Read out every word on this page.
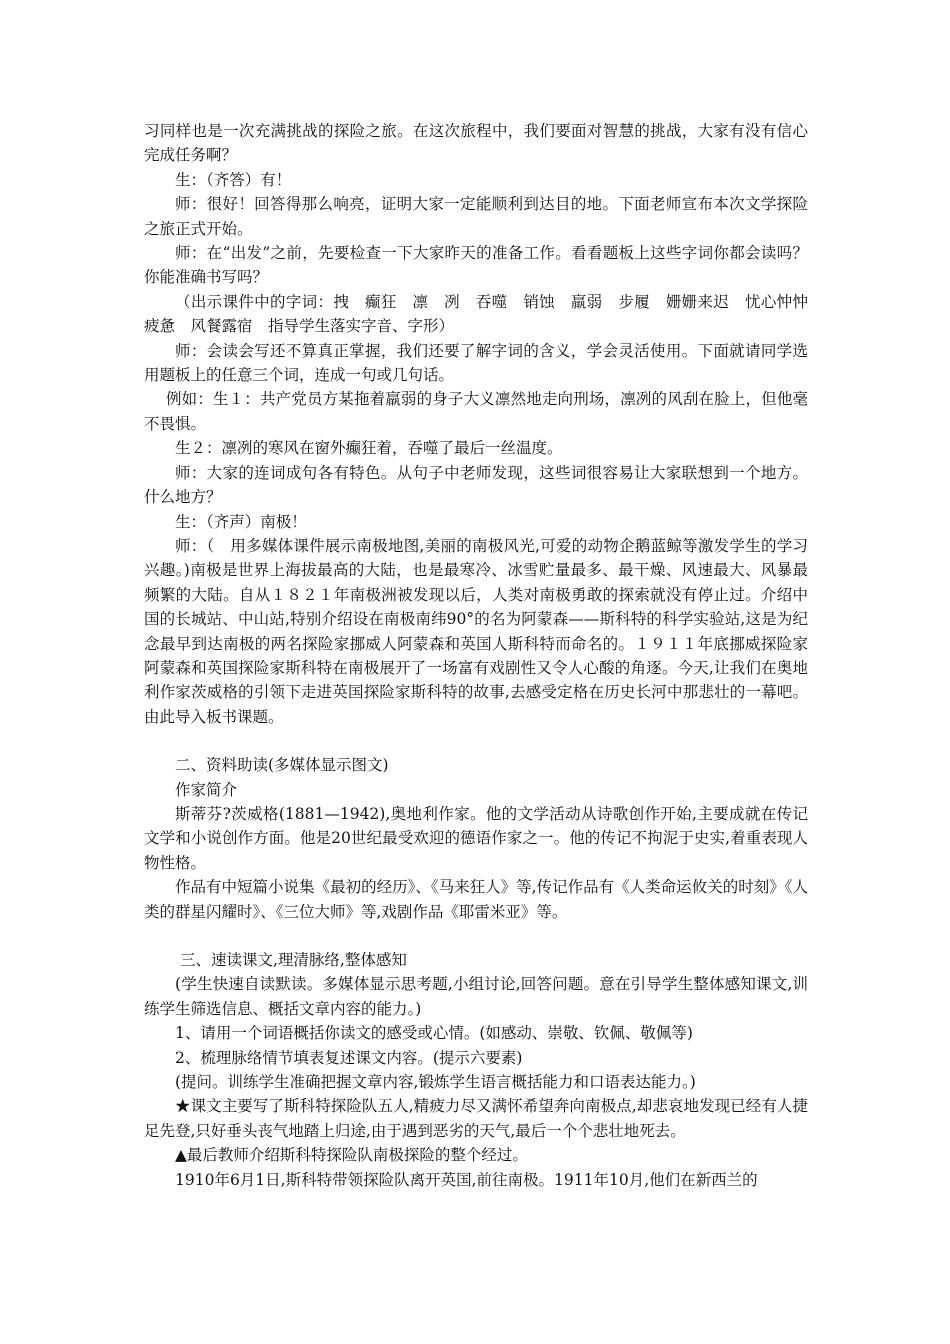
习同样也是一次充满挑战的探险之旅。在这次旅程中，我们要面对智慧的挑战，大家有没有信心完成任务啊？

生：（齐答）有！

师：很好！回答得那么响亮，证明大家一定能顺利到达目的地。下面老师宣布本次文学探险之旅正式开始。

师：在“出发”之前，先要检查一下大家昨天的准备工作。看看题板上这些字词你都会读吗？你能准确书写吗？

（出示课件中的字词：拽　癫狂　凛　冽　吞噬　销蚀　羸弱　步履　姗姗来迟　忧心忡忡　疲惫　风餐露宿　指导学生落实字音、字形）

师：会读会写还不算真正掌握，我们还要了解字词的含义，学会灵活使用。下面就请同学选用题板上的任意三个词，连成一句或几句话。

例如：生１：共产党员方某拖着羸弱的身子大义凛然地走向刑场，凛冽的风刮在脸上，但他毫不畏惧。

生２：凛冽的寒风在窗外癫狂着，吞噬了最后一丝温度。

师：大家的连词成句各有特色。从句子中老师发现，这些词很容易让大家联想到一个地方。什么地方？

生：（齐声）南极！

师：（　用多媒体课件展示南极地图,美丽的南极风光,可爱的动物企鹅蓝鲸等激发学生的学习兴趣。)南极是世界上海拔最高的大陆，也是最寒冷、冰雪贮量最多、最干燥、风速最大、风暴最频繁的大陆。自从１８２１年南极洲被发现以后，人类对南极勇敢的探索就没有停止过。介绍中国的长城站、中山站,特别介绍设在南极南纬90°的名为阿蒙森——斯科特的科学实验站,这是为纪念最早到达南极的两名探险家挪威人阿蒙森和英国人斯科特而命名的。１９１１年底挪威探险家阿蒙森和英国探险家斯科特在南极展开了一场富有戏剧性又令人心酸的角逐。今天,让我们在奥地利作家茨威格的引领下走进英国探险家斯科特的故事,去感受定格在历史长河中那悲壮的一幕吧。由此导入板书课题。

二、资料助读(多媒体显示图文)

作家简介

斯蒂芬?茨威格(1881—1942),奥地利作家。他的文学活动从诗歌创作开始,主要成就在传记文学和小说创作方面。他是20世纪最受欢迎的德语作家之一。他的传记不拘泥于史实,着重表现人物性格。

作品有中短篇小说集《最初的经历》、《马来狂人》等,传记作品有《人类命运攸关的时刻》《人类的群星闪耀时》、《三位大师》等,戏剧作品《耶雷米亚》等。

三、速读课文,理清脉络,整体感知

(学生快速自读默读。多媒体显示思考题,小组讨论,回答问题。意在引导学生整体感知课文,训练学生筛选信息、概括文章内容的能力。)

1、请用一个词语概括你读文的感受或心情。(如感动、崇敬、钦佩、敬佩等)

2、梳理脉络情节填表复述课文内容。(提示六要素)

(提问。训练学生准确把握文章内容,锻炼学生语言概括能力和口语表达能力。)

★课文主要写了斯科特探险队五人,精疲力尽又满怀希望奔向南极点,却悲哀地发现已经有人捷足先登,只好垂头丧气地踏上归途,由于遇到恶劣的天气,最后一个个悲壮地死去。

▲最后教师介绍斯科特探险队南极探险的整个经过。

1910年6月1日,斯科特带领探险队离开英国,前往南极。1911年10月,他们在新西兰的
